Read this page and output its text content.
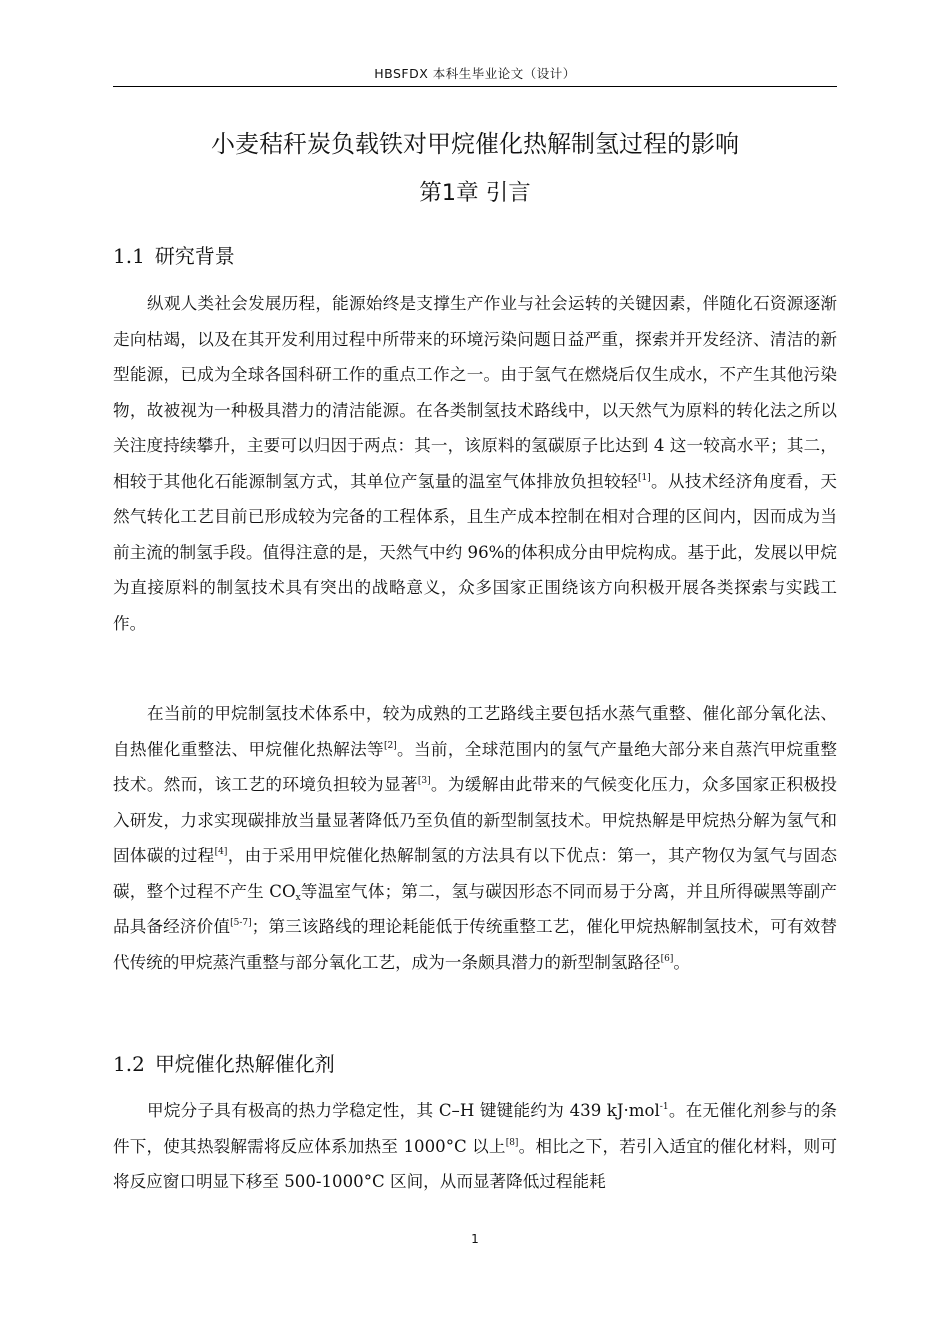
HBSFDX 本科生毕业论文（设计）
小麦秸秆炭负载铁对甲烷催化热解制氢过程的影响
第1章 引言
1.1 研究背景
纵观人类社会发展历程，能源始终是支撑生产作业与社会运转的关键因素，伴随化石资源逐渐走向枯竭，以及在其开发利用过程中所带来的环境污染问题日益严重，探索并开发经济、清洁的新型能源，已成为全球各国科研工作的重点工作之一。由于氢气在燃烧后仅生成水，不产生其他污染物，故被视为一种极具潜力的清洁能源。在各类制氢技术路线中，以天然气为原料的转化法之所以关注度持续攀升，主要可以归因于两点：其一，该原料的氢碳原子比达到 4 这一较高水平；其二，相较于其他化石能源制氢方式，其单位产氢量的温室气体排放负担较轻[1]。从技术经济角度看，天然气转化工艺目前已形成较为完备的工程体系，且生产成本控制在相对合理的区间内，因而成为当前主流的制氢手段。值得注意的是，天然气中约 96%的体积成分由甲烷构成。基于此，发展以甲烷为直接原料的制氢技术具有突出的战略意义，众多国家正围绕该方向积极开展各类探索与实践工作。
在当前的甲烷制氢技术体系中，较为成熟的工艺路线主要包括水蒸气重整、催化部分氧化法、自热催化重整法、甲烷催化热解法等[2]。当前，全球范围内的氢气产量绝大部分来自蒸汽甲烷重整技术。然而，该工艺的环境负担较为显著[3]。为缓解由此带来的气候变化压力，众多国家正积极投入研发，力求实现碳排放当量显著降低乃至负值的新型制氢技术。甲烷热解是甲烷热分解为氢气和固体碳的过程[4]，由于采用甲烷催化热解制氢的方法具有以下优点：第一，其产物仅为氢气与固态碳，整个过程不产生 $CO_x$等温室气体；第二，氢与碳因形态不同而易于分离，并且所得碳黑等副产品具备经济价值[5-7]；第三该路线的理论耗能低于传统重整工艺，催化甲烷热解制氢技术，可有效替代传统的甲烷蒸汽重整与部分氧化工艺，成为一条颇具潜力的新型制氢路径[6]。
1.2 甲烷催化热解催化剂
甲烷分子具有极高的热力学稳定性，其 C–H 键键能约为 439 kJ·mol$^{-1}$。在无催化剂参与的条件下，使其热裂解需将反应体系加热至 1000°C 以上[8]。相比之下，若引入适宜的催化材料，则可将反应窗口明显下移至 500-1000°C 区间，从而显著降低过程能耗
1
